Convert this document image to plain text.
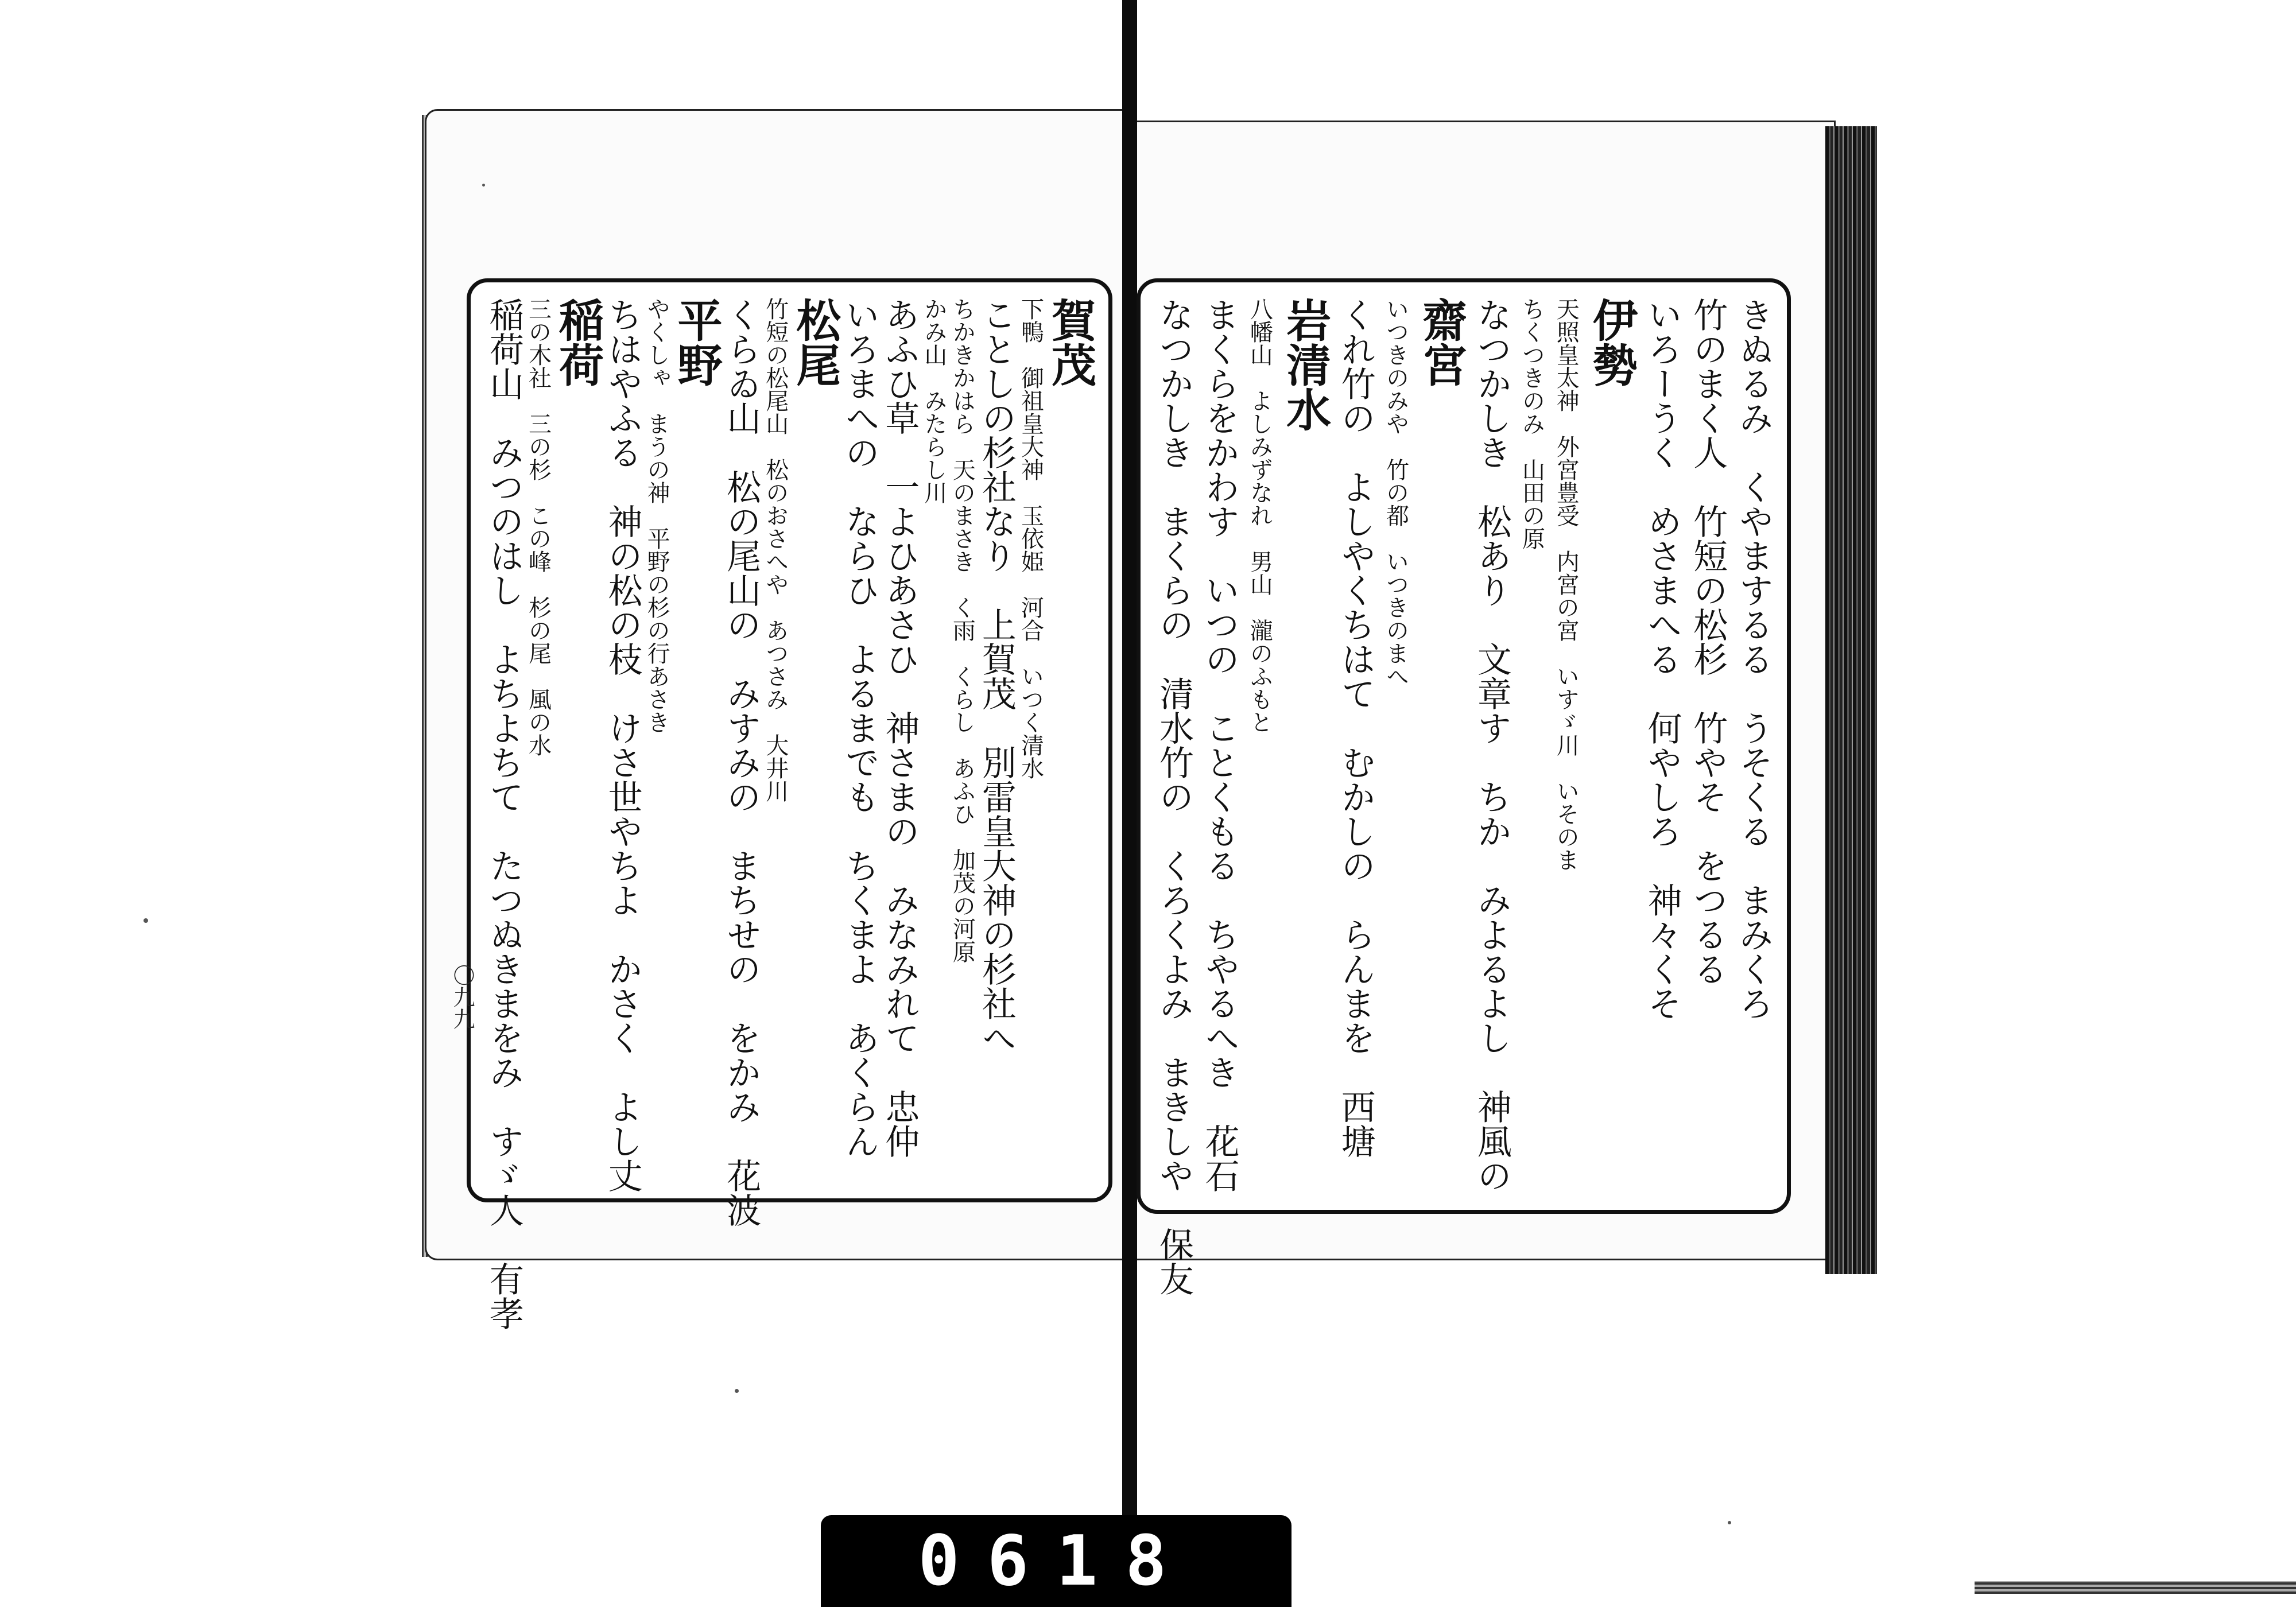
賀茂
下鴨　御祖皇大神　玉依姫　河合　いつく清水
ことしの杉社なり　上賀茂　別雷皇大神の杉社へ
ちかきかはら　天のまさき　く雨　くらし　あふひ　加茂の河原
かみ山　みたらし川
あふひ草　一よひあさひ　神さまの　みなみれて　忠仲
いろまへの　ならひ　よるまでも　ちくまよ　あくらん
松尾
竹短の松尾山　松のおさへや　あつさみ　大井川
くらゐ山　松の尾山の　みすみの　まちせの　をかみ　花波
平野
やくしゃ　まうの神　平野の杉の行あさき
ちはやふる　神の松の枝　けさ世やちよ　かさく　よし丈
稲荷
三の木社　三の杉　この峰　杉の尾　風の水
稲荷山　みつのはし　よちよちて　たつぬきまをみ　すゞ人　有孝	きぬるみ　くやまするる　うそくる　まみくろ
竹のまく人　竹短の松杉　竹やそ　をつるる
いろーうく　めさまへる　何やしろ　神々くそ
伊勢
天照皇太神　外宮豊受　内宮の宮　いすゞ川　いそのま
ちくつきのみ　山田の原
なつかしき　松あり　文章す　ちか　みよるよし　神風の
齋宮
いつきのみや　竹の都　いつきのまへ
くれ竹の　よしやくちはて　むかしの　らんまを　西塘
岩清水
八幡山　よしみずなれ　男山　瀧のふもと
まくらをかわす　いつの　ことくもる　ちやるへき　花石
なつかしき　まくらの　清水竹の　くろくよみ　まきしや　保友
〇九九
0618
